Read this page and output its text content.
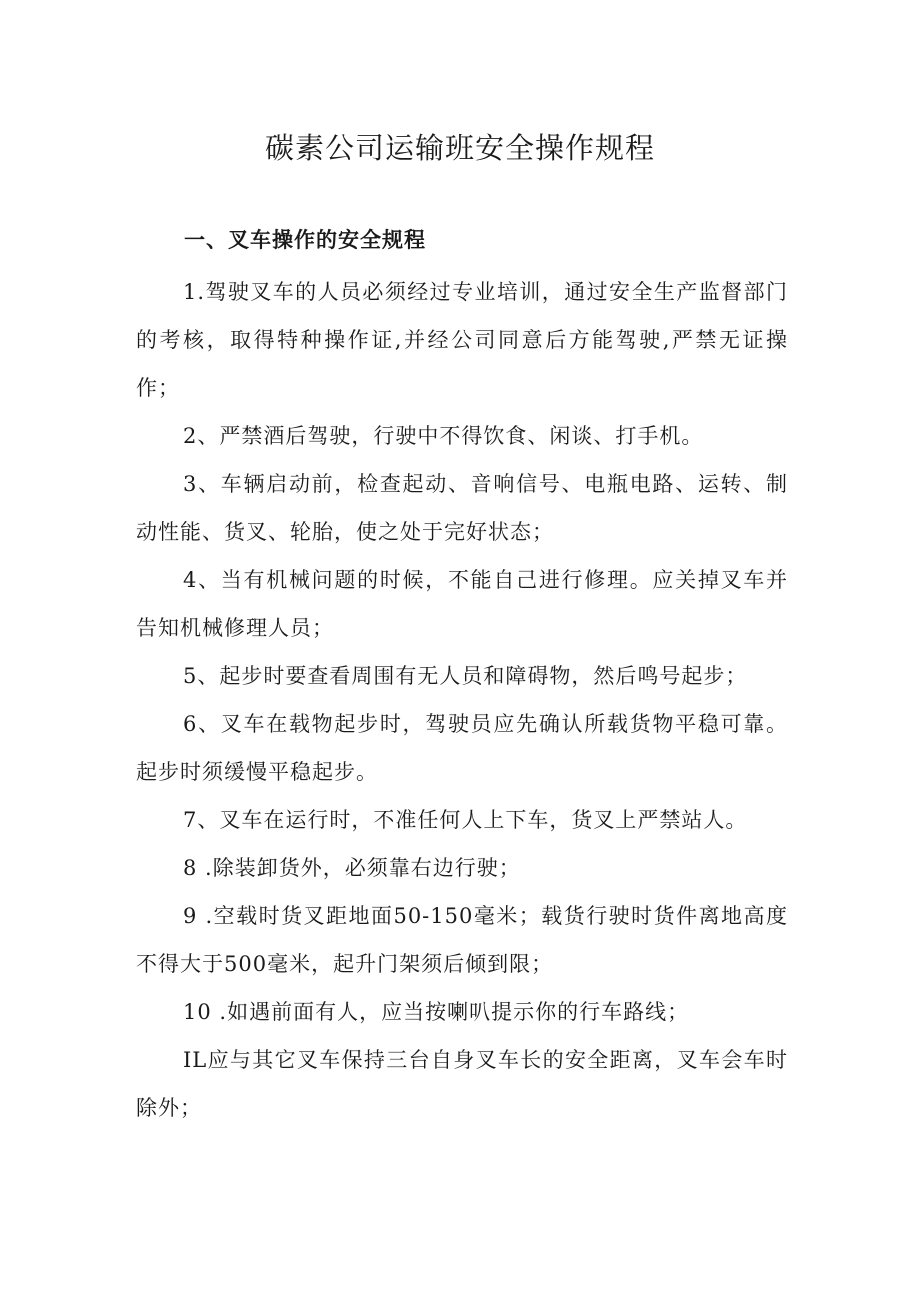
碳素公司运输班安全操作规程
一、叉车操作的安全规程
1.驾驶叉车的人员必须经过专业培训，通过安全生产监督部门的考核，取得特种操作证,并经公司同意后方能驾驶,严禁无证操作；
2、严禁酒后驾驶，行驶中不得饮食、闲谈、打手机。
3、车辆启动前，检查起动、音响信号、电瓶电路、运转、制动性能、货叉、轮胎，使之处于完好状态；
4、当有机械问题的时候，不能自己进行修理。应关掉叉车并告知机械修理人员；
5、起步时要查看周围有无人员和障碍物，然后鸣号起步；
6、叉车在载物起步时，驾驶员应先确认所载货物平稳可靠。起步时须缓慢平稳起步。
7、叉车在运行时，不准任何人上下车，货叉上严禁站人。
8 .除装卸货外，必须靠右边行驶；
9 .空载时货叉距地面50-150毫米；载货行驶时货件离地高度不得大于500毫米，起升门架须后倾到限；
10 .如遇前面有人，应当按喇叭提示你的行车路线；
IL应与其它叉车保持三台自身叉车长的安全距离，叉车会车时除外；
